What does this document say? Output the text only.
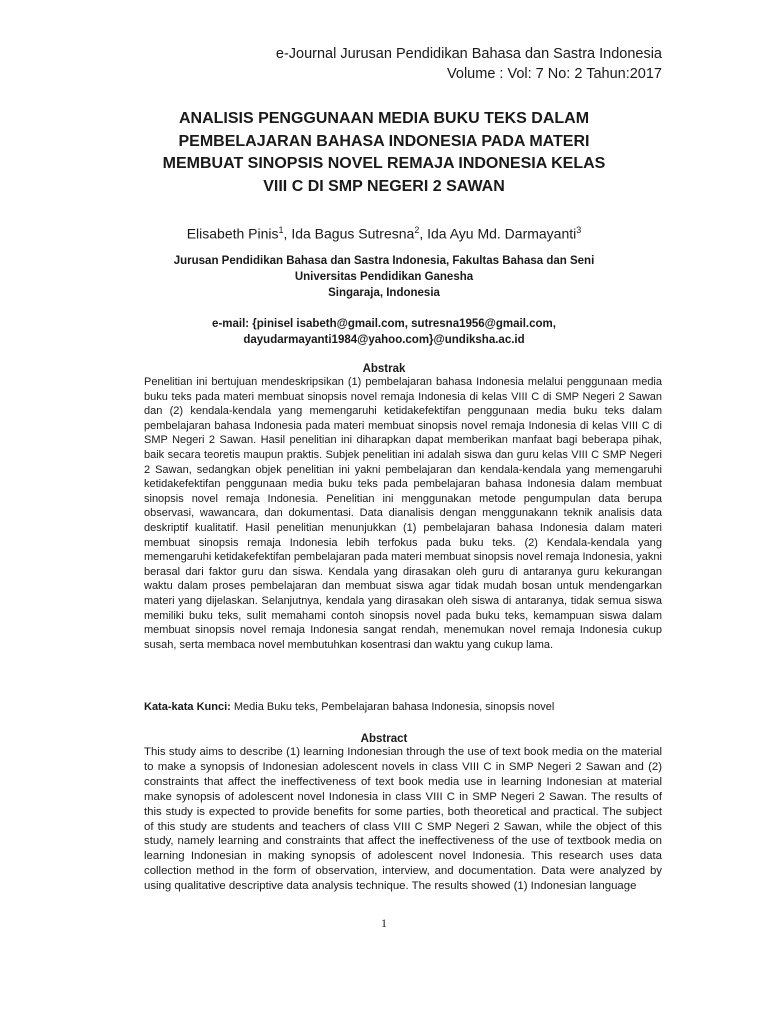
e-Journal Jurusan Pendidikan Bahasa dan Sastra Indonesia
Volume : Vol: 7 No: 2 Tahun:2017
ANALISIS PENGGUNAAN MEDIA BUKU TEKS DALAM
PEMBELAJARAN BAHASA INDONESIA PADA MATERI
MEMBUAT SINOPSIS NOVEL REMAJA INDONESIA KELAS
VIII C DI SMP NEGERI 2 SAWAN
Elisabeth Pinis$^1$, Ida Bagus Sutresna$^2$, Ida Ayu Md. Darmayanti$^3$
Jurusan Pendidikan Bahasa dan Sastra Indonesia, Fakultas Bahasa dan Seni
Universitas Pendidikan Ganesha
Singaraja, Indonesia
e-mail: {pinisel isabeth@gmail.com, sutresna1956@gmail.com,
dayudarmayanti1984@yahoo.com}@undiksha.ac.id
Abstrak
Penelitian ini bertujuan mendeskripsikan (1) pembelajaran bahasa Indonesia melalui penggunaan media buku teks pada materi membuat sinopsis novel remaja Indonesia di kelas VIII C di SMP Negeri 2 Sawan dan (2) kendala-kendala yang memengaruhi ketidakefektifan penggunaan media buku teks dalam pembelajaran bahasa Indonesia pada materi membuat sinopsis novel remaja Indonesia di kelas VIII C di SMP Negeri 2 Sawan. Hasil penelitian ini diharapkan dapat memberikan manfaat bagi beberapa pihak, baik secara teoretis maupun praktis. Subjek penelitian ini adalah siswa dan guru kelas VIII C SMP Negeri 2 Sawan, sedangkan objek penelitian ini yakni pembelajaran dan kendala-kendala yang memengaruhi ketidakefektifan penggunaan media buku teks pada pembelajaran bahasa Indonesia dalam membuat sinopsis novel remaja Indonesia. Penelitian ini menggunakan metode pengumpulan data berupa observasi, wawancara, dan dokumentasi. Data dianalisis dengan menggunakann teknik analisis data deskriptif kualitatif. Hasil penelitian menunjukkan (1) pembelajaran bahasa Indonesia dalam materi membuat sinopsis remaja Indonesia lebih terfokus pada buku teks. (2) Kendala-kendala yang memengaruhi ketidakefektifan pembelajaran pada materi membuat sinopsis novel remaja Indonesia, yakni berasal dari faktor guru dan siswa. Kendala yang dirasakan oleh guru di antaranya guru kekurangan waktu dalam proses pembelajaran dan membuat siswa agar tidak mudah bosan untuk mendengarkan materi yang dijelaskan. Selanjutnya, kendala yang dirasakan oleh siswa di antaranya, tidak semua siswa memiliki buku teks, sulit memahami contoh sinopsis novel pada buku teks, kemampuan siswa dalam membuat sinopsis novel remaja Indonesia sangat rendah, menemukan novel remaja Indonesia cukup susah, serta membaca novel membutuhkan kosentrasi dan waktu yang cukup lama.
Kata-kata Kunci: Media Buku teks, Pembelajaran bahasa Indonesia, sinopsis novel
Abstract
This study aims to describe (1) learning Indonesian through the use of text book media on the material to make a synopsis of Indonesian adolescent novels in class VIII C in SMP Negeri 2 Sawan and (2) constraints that affect the ineffectiveness of text book media use in learning Indonesian at material make synopsis of adolescent novel Indonesia in class VIII C in SMP Negeri 2 Sawan. The results of this study is expected to provide benefits for some parties, both theoretical and practical. The subject of this study are students and teachers of class VIII C SMP Negeri 2 Sawan, while the object of this study, namely learning and constraints that affect the ineffectiveness of the use of textbook media on learning Indonesian in making synopsis of adolescent novel Indonesia. This research uses data collection method in the form of observation, interview, and documentation. Data were analyzed by using qualitative descriptive data analysis technique. The results showed (1) Indonesian language
1
